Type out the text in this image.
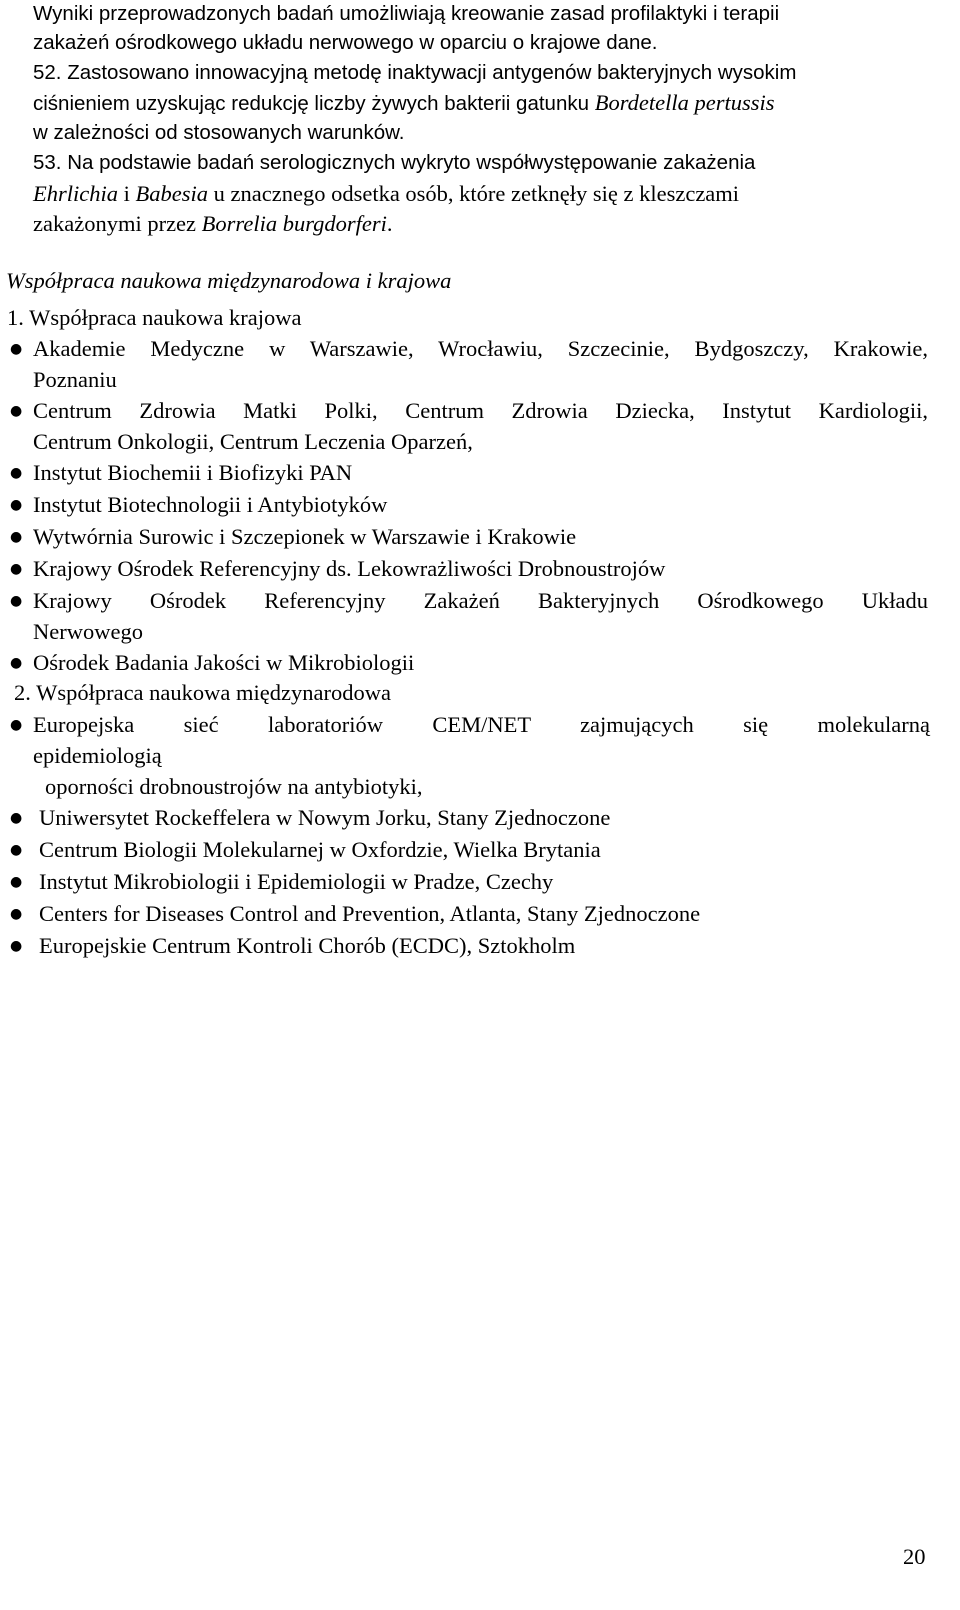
Wyniki przeprowadzonych badań umożliwiają kreowanie zasad profilaktyki i terapii
zakażeń ośrodkowego układu nerwowego w oparciu o krajowe dane.
52. Zastosowano innowacyjną metodę inaktywacji antygenów bakteryjnych wysokim
ciśnieniem uzyskując redukcję liczby żywych bakterii gatunku Bordetella pertussis
w zależności od stosowanych warunków.
53. Na podstawie badań serologicznych wykryto współwystępowanie zakażenia
Ehrlichia i Babesia u znacznego odsetka osób, które zetknęły się z kleszczami
zakażonymi przez Borrelia burgdorferi.
Współpraca naukowa międzynarodowa i krajowa
1. Współpraca naukowa krajowa
● Akademie Medyczne w Warszawie, Wrocławiu, Szczecinie, Bydgoszczy, Krakowie,
Poznaniu
● Centrum Zdrowia Matki Polki, Centrum Zdrowia Dziecka, Instytut Kardiologii,
Centrum Onkologii, Centrum Leczenia Oparzeń,
● Instytut Biochemii i Biofizyki PAN
● Instytut Biotechnologii i Antybiotyków
● Wytwórnia Surowic i Szczepionek w Warszawie i Krakowie
● Krajowy Ośrodek Referencyjny ds. Lekowrażliwości Drobnoustrojów
● Krajowy Ośrodek Referencyjny Zakażeń Bakteryjnych Ośrodkowego Układu
Nerwowego
● Ośrodek Badania Jakości w Mikrobiologii
2. Współpraca naukowa międzynarodowa
● Europejska sieć laboratoriów CEM/NET zajmujących się molekularną
epidemiologią
oporności drobnoustrojów na antybiotyki,
● Uniwersytet Rockeffelera w Nowym Jorku, Stany Zjednoczone
● Centrum Biologii Molekularnej w Oxfordzie, Wielka Brytania
● Instytut Mikrobiologii i Epidemiologii w Pradze, Czechy
● Centers for Diseases Control and Prevention, Atlanta, Stany Zjednoczone
● Europejskie Centrum Kontroli Chorób (ECDC), Sztokholm
20
